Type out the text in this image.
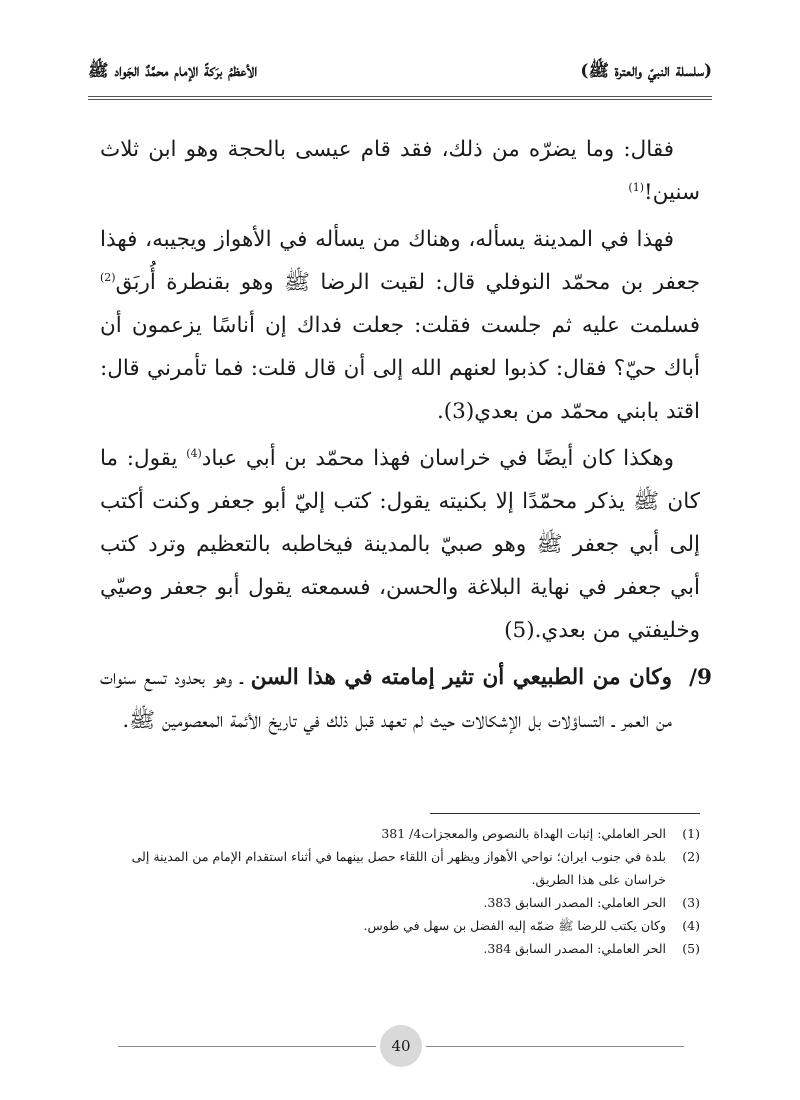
(سلسلة النبيّ والعترة ﷺ)
الأعظمُ برَكةً الإمام محمَّدٌ الجَواد ﷺ

فقال: وما يضرّه من ذلك، فقد قام عيسى بالحجة وهو ابن ثلاث سنين!$^{(1)}$

فهذا في المدينة يسأله، وهناك من يسأله في الأهواز ويجيبه، فهذا جعفر بن محمّد النوفلي قال: لقيت الرضا ﷺ وهو بقنطرة أُربَق$^{(2)}$ فسلمت عليه ثم جلست فقلت: جعلت فداك إن أناسًا يزعمون أن أباك حيّ؟ فقال: كذبوا لعنهم الله إلى أن قال قلت: فما تأمرني قال: اقتد بابني محمّد من بعدي(3).

وهكذا كان أيضًا في خراسان فهذا محمّد بن أبي عباد$^{(4)}$ يقول: ما كان ﷺ يذكر محمّدًا إلا بكنيته يقول: كتب إليّ أبو جعفر وكنت أكتب إلى أبي جعفر ﷺ وهو صبيّ بالمدينة فيخاطبه بالتعظيم وترد كتب أبي جعفر في نهاية البلاغة والحسن، فسمعته يقول أبو جعفر وصيّي وخليفتي من بعدي.(5)

9/
وكان من الطبيعي أن تثير إمامته في هذا السن ـ وهو بحدود تسع سنوات من العمر ـ التساؤلات بل الإشكالات حيث لم تعهد قبل ذلك في تاريخ الأئمة المعصومين ﷺ.
(1)
الحر العاملي: إثبات الهداة بالنصوص والمعجزات4/ 381
(2)
بلدة في جنوب ايران؛ نواحي الأهواز ويظهر أن اللقاء حصل بينهما في أثناء استقدام الإمام من المدينة إلى خراسان على هذا الطريق.
(3)
الحر العاملي: المصدر السابق 383.
(4)
وكان يكتب للرضا ﷺ ضمّه إليه الفضل بن سهل في طوس.
(5)
الحر العاملي: المصدر السابق 384.
40
